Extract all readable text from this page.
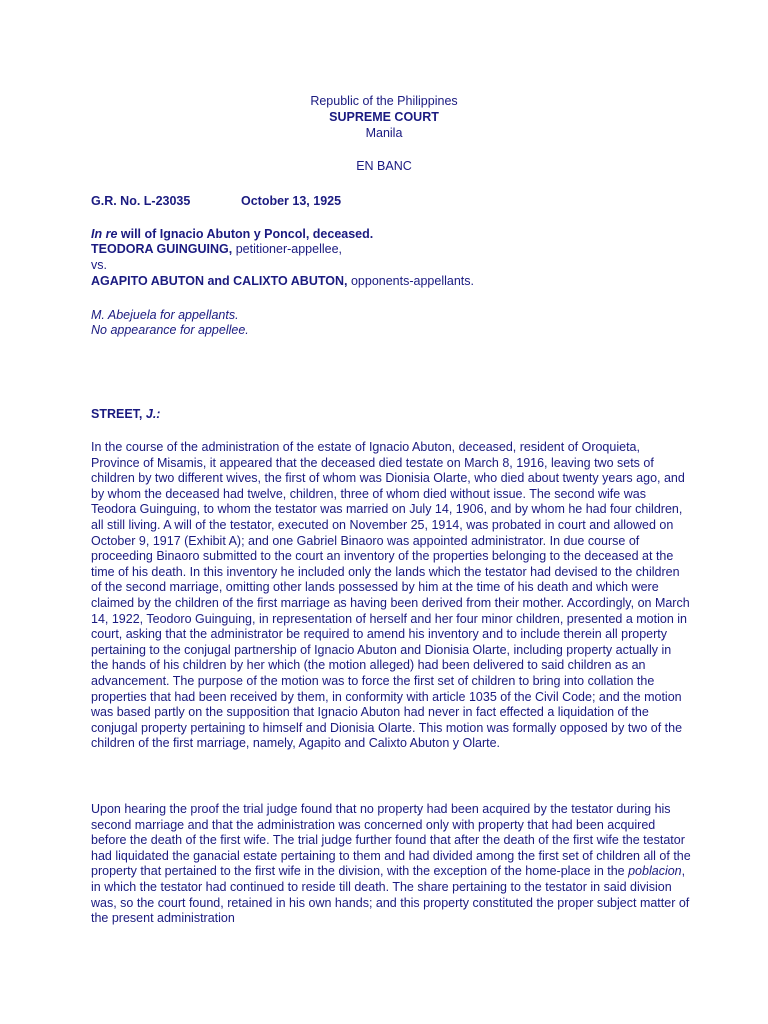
Republic of the Philippines
SUPREME COURT
Manila
EN BANC
G.R. No. L-23035	October 13, 1925
In re will of Ignacio Abuton y Poncol, deceased.
TEODORA GUINGUING, petitioner-appellee,
vs.
AGAPITO ABUTON and CALIXTO ABUTON, opponents-appellants.
M. Abejuela for appellants.
No appearance for appellee.
STREET, J.:
In the course of the administration of the estate of Ignacio Abuton, deceased, resident of Oroquieta, Province of Misamis, it appeared that the deceased died testate on March 8, 1916, leaving two sets of children by two different wives, the first of whom was Dionisia Olarte, who died about twenty years ago, and by whom the deceased had twelve, children, three of whom died without issue. The second wife was Teodora Guinguing, to whom the testator was married on July 14, 1906, and by whom he had four children, all still living. A will of the testator, executed on November 25, 1914, was probated in court and allowed on October 9, 1917 (Exhibit A); and one Gabriel Binaoro was appointed administrator. In due course of proceeding Binaoro submitted to the court an inventory of the properties belonging to the deceased at the time of his death. In this inventory he included only the lands which the testator had devised to the children of the second marriage, omitting other lands possessed by him at the time of his death and which were claimed by the children of the first marriage as having been derived from their mother. Accordingly, on March 14, 1922, Teodoro Guinguing, in representation of herself and her four minor children, presented a motion in court, asking that the administrator be required to amend his inventory and to include therein all property pertaining to the conjugal partnership of Ignacio Abuton and Dionisia Olarte, including property actually in the hands of his children by her which (the motion alleged) had been delivered to said children as an advancement. The purpose of the motion was to force the first set of children to bring into collation the properties that had been received by them, in conformity with article 1035 of the Civil Code; and the motion was based partly on the supposition that Ignacio Abuton had never in fact effected a liquidation of the conjugal property pertaining to himself and Dionisia Olarte. This motion was formally opposed by two of the children of the first marriage, namely, Agapito and Calixto Abuton y Olarte.
Upon hearing the proof the trial judge found that no property had been acquired by the testator during his second marriage and that the administration was concerned only with property that had been acquired before the death of the first wife. The trial judge further found that after the death of the first wife the testator had liquidated the ganacial estate pertaining to them and had divided among the first set of children all of the property that pertained to the first wife in the division, with the exception of the home-place in the poblacion, in which the testator had continued to reside till death. The share pertaining to the testator in said division was, so the court found, retained in his own hands; and this property constituted the proper subject matter of the present administration
